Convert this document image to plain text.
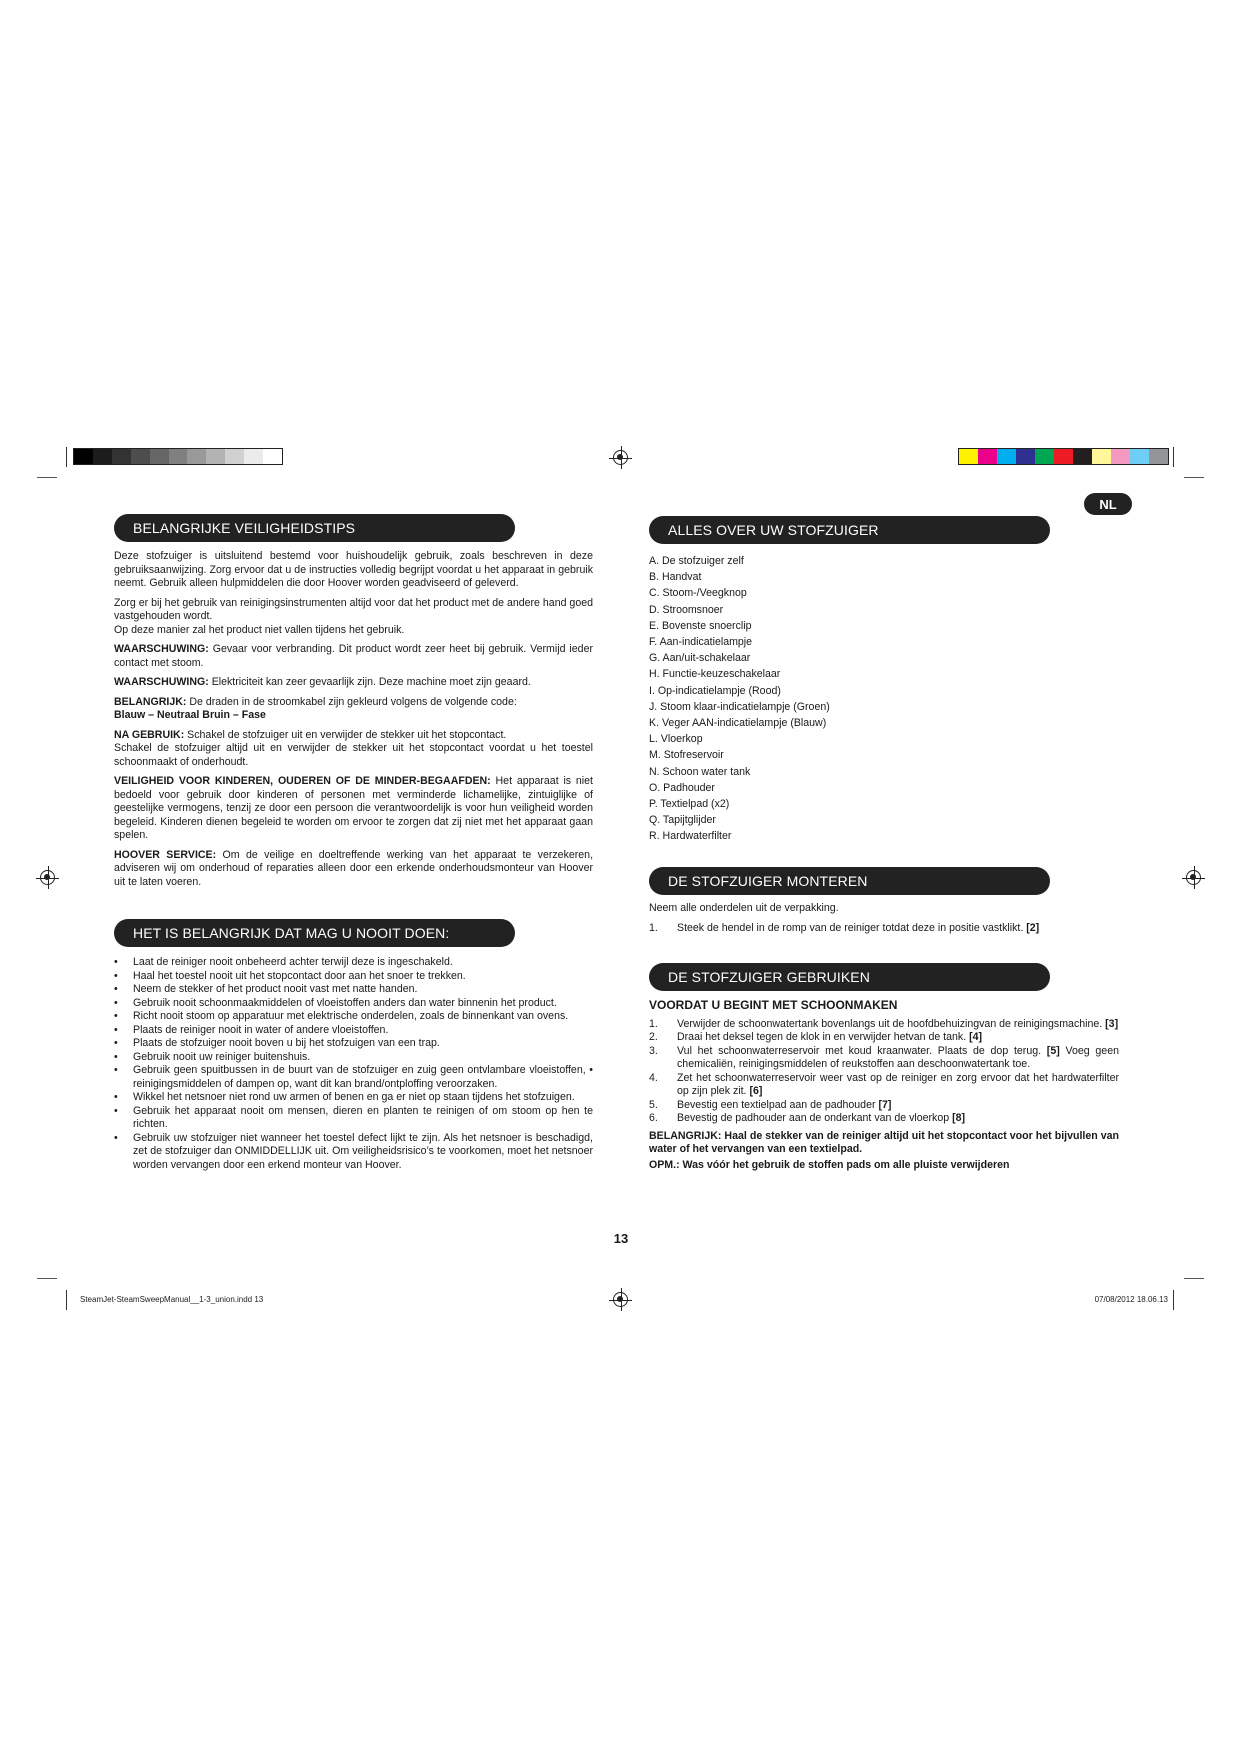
NL
BELANGRIJKE VEILIGHEIDSTIPS

Deze stofzuiger is uitsluitend bestemd voor huishoudelijk gebruik, zoals beschreven in deze gebruiksaanwijzing. Zorg ervoor dat u de instructies volledig begrijpt voordat u het apparaat in gebruik neemt. Gebruik alleen hulpmiddelen die door Hoover worden geadviseerd of geleverd.

Zorg er bij het gebruik van reinigingsinstrumenten altijd voor dat het product met de andere hand goed vastgehouden wordt.
Op deze manier zal het product niet vallen tijdens het gebruik.

WAARSCHUWING: Gevaar voor verbranding. Dit product wordt zeer heet bij gebruik. Vermijd ieder contact met stoom.

WAARSCHUWING: Elektriciteit kan zeer gevaarlijk zijn. Deze machine moet zijn geaard.

BELANGRIJK: De draden in de stroomkabel zijn gekleurd volgens de volgende code:
Blauw – Neutraal Bruin – Fase

NA GEBRUIK: Schakel de stofzuiger uit en verwijder de stekker uit het stopcontact.
Schakel de stofzuiger altijd uit en verwijder de stekker uit het stopcontact voordat u het toestel schoonmaakt of onderhoudt.

VEILIGHEID VOOR KINDEREN, OUDEREN OF DE MINDER-BEGAAFDEN: Het apparaat is niet bedoeld voor gebruik door kinderen of personen met verminderde lichamelijke, zintuiglijke of geestelijke vermogens, tenzij ze door een persoon die verantwoordelijk is voor hun veiligheid worden begeleid. Kinderen dienen begeleid te worden om ervoor te zorgen dat zij niet met het apparaat gaan spelen.

HOOVER SERVICE: Om de veilige en doeltreffende werking van het apparaat te verzekeren, adviseren wij om onderhoud of reparaties alleen door een erkende onderhoudsmonteur van Hoover uit te laten voeren.

HET IS BELANGRIJK DAT MAG U NOOIT DOEN:
• Laat de reiniger nooit onbeheerd achter terwijl deze is ingeschakeld.
• Haal het toestel nooit uit het stopcontact door aan het snoer te trekken.
• Neem de stekker of het product nooit vast met natte handen.
• Gebruik nooit schoonmaakmiddelen of vloeistoffen anders dan water binnenin het product.
• Richt nooit stoom op apparatuur met elektrische onderdelen, zoals de binnenkant van ovens.
• Plaats de reiniger nooit in water of andere vloeistoffen.
• Plaats de stofzuiger nooit boven u bij het stofzuigen van een trap.
• Gebruik nooit uw reiniger buitenshuis.
• Gebruik geen spuitbussen in de buurt van de stofzuiger en zuig geen ontvlambare vloeistoffen, • reinigingsmiddelen of dampen op, want dit kan brand/ontploffing veroorzaken.
• Wikkel het netsnoer niet rond uw armen of benen en ga er niet op staan tijdens het stofzuigen.
• Gebruik het apparaat nooit om mensen, dieren en planten te reinigen of om stoom op hen te richten.
• Gebruik uw stofzuiger niet wanneer het toestel defect lijkt te zijn. Als het netsnoer is beschadigd, zet de stofzuiger dan ONMIDDELLIJK uit. Om veiligheidsrisico’s te voorkomen, moet het netsnoer worden vervangen door een erkend monteur van Hoover.
ALLES OVER UW STOFZUIGER
A. De stofzuiger zelf
B. Handvat
C. Stoom-/Veegknop
D. Stroomsnoer
E. Bovenste snoerclip
F. Aan-indicatielampje
G. Aan/uit-schakelaar
H. Functie-keuzeschakelaar
I. Op-indicatielampje (Rood)
J. Stoom klaar-indicatielampje (Groen)
K. Veger AAN-indicatielampje (Blauw)
L. Vloerkop
M. Stofreservoir
N. Schoon water tank
O. Padhouder
P. Textielpad (x2)
Q. Tapijtglijder
R. Hardwaterfilter
DE STOFZUIGER MONTEREN

Neem alle onderdelen uit de verpakking.

1. Steek de hendel in de romp van de reiniger totdat deze in positie vastklikt. [2]
DE STOFZUIGER GEBRUIKEN
VOORDAT U BEGINT MET SCHOONMAKEN
1. Verwijder de schoonwatertank bovenlangs uit de hoofdbehuizingvan de reinigingsmachine. [3]
2. Draai het deksel tegen de klok in en verwijder hetvan de tank. [4]
3. Vul het schoonwaterreservoir met koud kraanwater. Plaats de dop terug. [5] Voeg geen chemicaliën, reinigingsmiddelen of reukstoffen aan deschoonwatertank toe.
4. Zet het schoonwaterreservoir weer vast op de reiniger en zorg ervoor dat het hardwaterfilter op zijn plek zit. [6]
5. Bevestig een textielpad aan de padhouder [7]
6. Bevestig de padhouder aan de onderkant van de vloerkop [8]

BELANGRIJK: Haal de stekker van de reiniger altijd uit het stopcontact voor het bijvullen van water of het vervangen van een textielpad.

OPM.: Was vóór het gebruik de stoffen pads om alle pluiste verwijderen

13
SteamJet-SteamSweepManual__1-3_union.indd 13	07/08/2012 18.06.13
